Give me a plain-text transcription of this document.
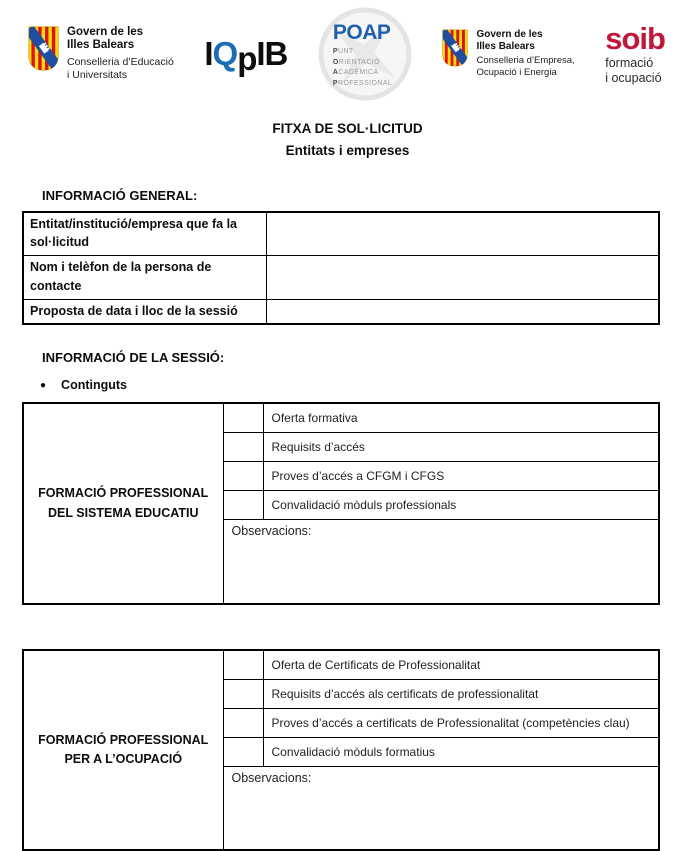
Govern de les
Illes Balears
Conselleria d’Educació
i Universitats
IQpIB
POAP
PUNT
ORIENTACIÓ
ACADÈMICA
PROFESSIONAL
Govern de les
Illes Balears
Conselleria d’Empresa,
Ocupació i Energia
soib
formació
i ocupació
FITXA DE SOL·LICITUD
Entitats i empreses
INFORMACIÓ GENERAL:
Entitat/institució/empresa que fa la sol·licitud	
Nom i telèfon de la persona de contacte	
Proposta de data i lloc de la sessió	
INFORMACIÓ DE LA SESSIÓ:
● Continguts
FORMACIÓ PROFESSIONAL
DEL SISTEMA EDUCATIU		Oferta formativa
		Requisits d’accés
		Proves d’accés a CFGM i CFGS
		Convalidació mòduls professionals
	Observacions:	
FORMACIÓ PROFESSIONAL
PER A L’OCUPACIÓ		Oferta de Certificats de Professionalitat
		Requisits d’accés als certificats de professionalitat
		Proves d’accés a certificats de Professionalitat (competències clau)
		Convalidació mòduls formatius
	Observacions:	
